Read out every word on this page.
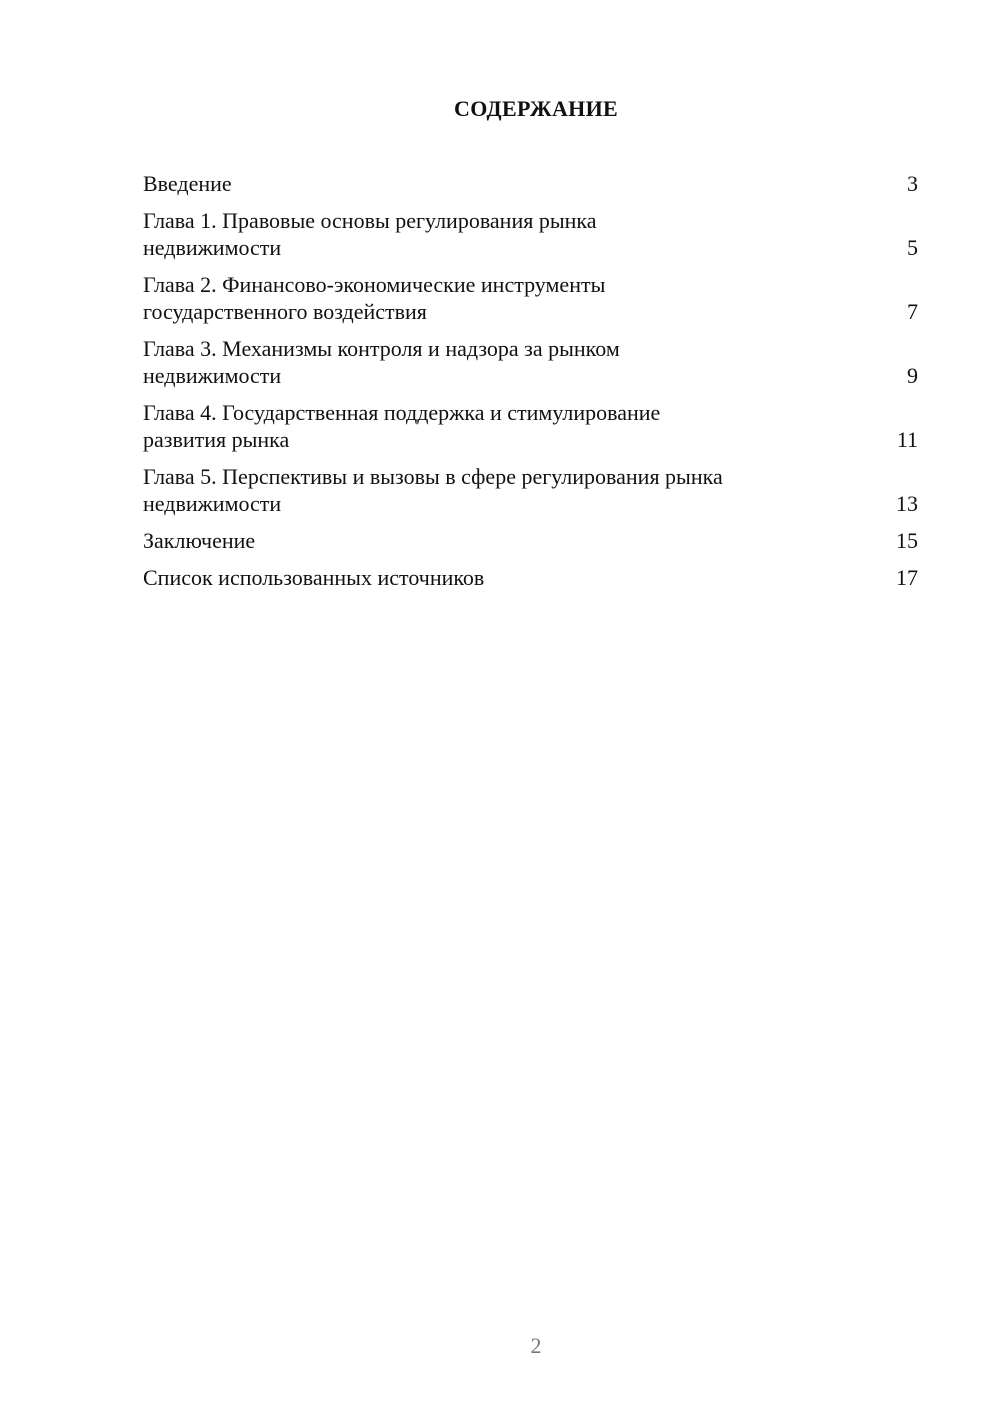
СОДЕРЖАНИЕ
Введение	3
Глава 1. Правовые основы регулирования рынка недвижимости	5
Глава 2. Финансово-экономические инструменты государственного воздействия	7
Глава 3. Механизмы контроля и надзора за рынком недвижимости	9
Глава 4. Государственная поддержка и стимулирование развития рынка	11
Глава 5. Перспективы и вызовы в сфере регулирования рынка недвижимости	13
Заключение	15
Список использованных источников	17
2
